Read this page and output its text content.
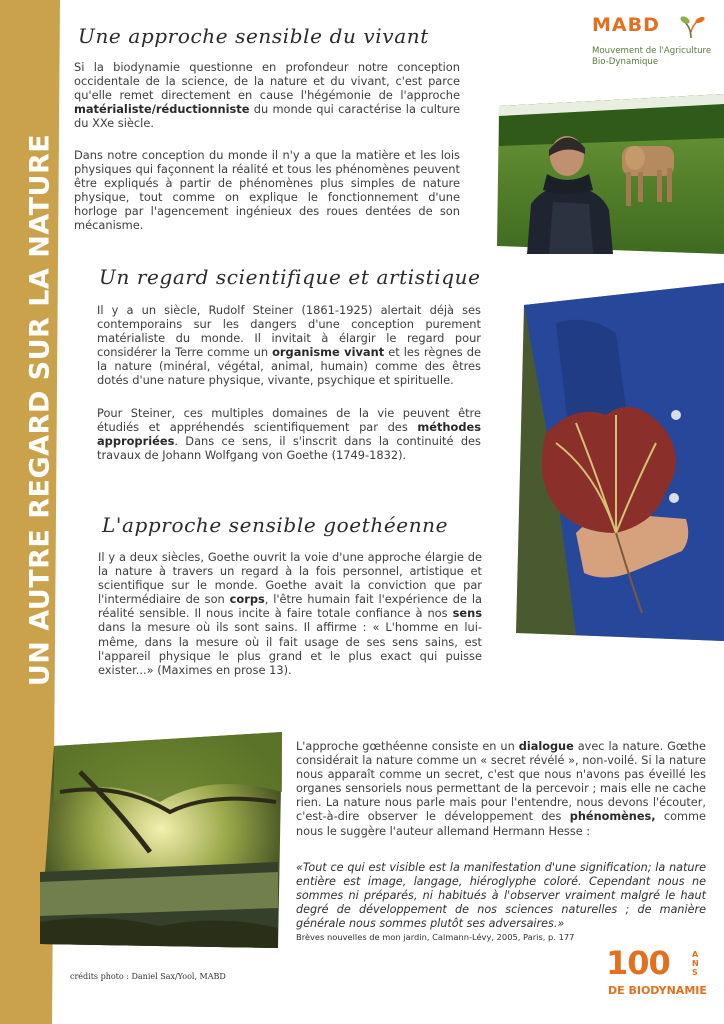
UN AUTRE REGARD SUR LA NATURE
MABD
Mouvement de l'Agriculture
Bio-Dynamique
Une approche sensible du vivant

Si la biodynamie questionne en profondeur notre conception occidentale de la science, de la nature et du vivant, c'est parce qu'elle remet directement en cause l'hégémonie de l'approche matérialiste/réductionniste du monde qui caractérise la culture du XXe siècle.

Dans notre conception du monde il n'y a que la matière et les lois physiques qui façonnent la réalité et tous les phénomènes peuvent être expliqués à partir de phénomènes plus simples de nature physique, tout comme on explique le fonctionnement d'une horloge par l'agencement ingénieux des roues dentées de son mécanisme.

Un regard scientifique et artistique

Il y a un siècle, Rudolf Steiner (1861-1925) alertait déjà ses contemporains sur les dangers d'une conception purement matérialiste du monde. Il invitait à élargir le regard pour considérer la Terre comme un organisme vivant et les règnes de la nature (minéral, végétal, animal, humain) comme des êtres dotés d'une nature physique, vivante, psychique et spirituelle.

Pour Steiner, ces multiples domaines de la vie peuvent être étudiés et appréhendés scientifiquement par des méthodes appropriées. Dans ce sens, il s'inscrit dans la continuité des travaux de Johann Wolfgang von Goethe (1749-1832).

L'approche sensible goethéenne

Il y a deux siècles, Goethe ouvrit la voie d'une approche élargie de la nature à travers un regard à la fois personnel, artistique et scientifique sur le monde. Goethe avait la conviction que par l'intermédiaire de son corps, l'être humain fait l'expérience de la réalité sensible. Il nous incite à faire totale confiance à nos sens dans la mesure où ils sont sains. Il affirme : « L'homme en lui-même, dans la mesure où il fait usage de ses sens sains, est l'appareil physique le plus grand et le plus exact qui puisse exister...» (Maximes en prose 13).

L'approche gœthéenne consiste en un dialogue avec la nature. Gœthe considérait la nature comme un « secret révélé », non-voilé. Si la nature nous apparaît comme un secret, c'est que nous n'avons pas éveillé les organes sensoriels nous permettant de la percevoir ; mais elle ne cache rien. La nature nous parle mais pour l'entendre, nous devons l'écouter, c'est-à-dire observer le développement des phénomènes, comme nous le suggère l'auteur allemand Hermann Hesse :

«Tout ce qui est visible est la manifestation d'une signification; la nature entière est image, langage, hiéroglyphe coloré. Cependant nous ne sommes ni préparés, ni habitués à l'observer vraiment malgré le haut degré de développement de nos sciences naturelles ; de manière générale nous sommes plutôt ses adversaires.»

Brèves nouvelles de mon jardin, Calmann-Lévy, 2005, Paris, p. 177
crédits photo : Daniel Sax/Yool, MABD	100	ANS
DE BIODYNAMIE
